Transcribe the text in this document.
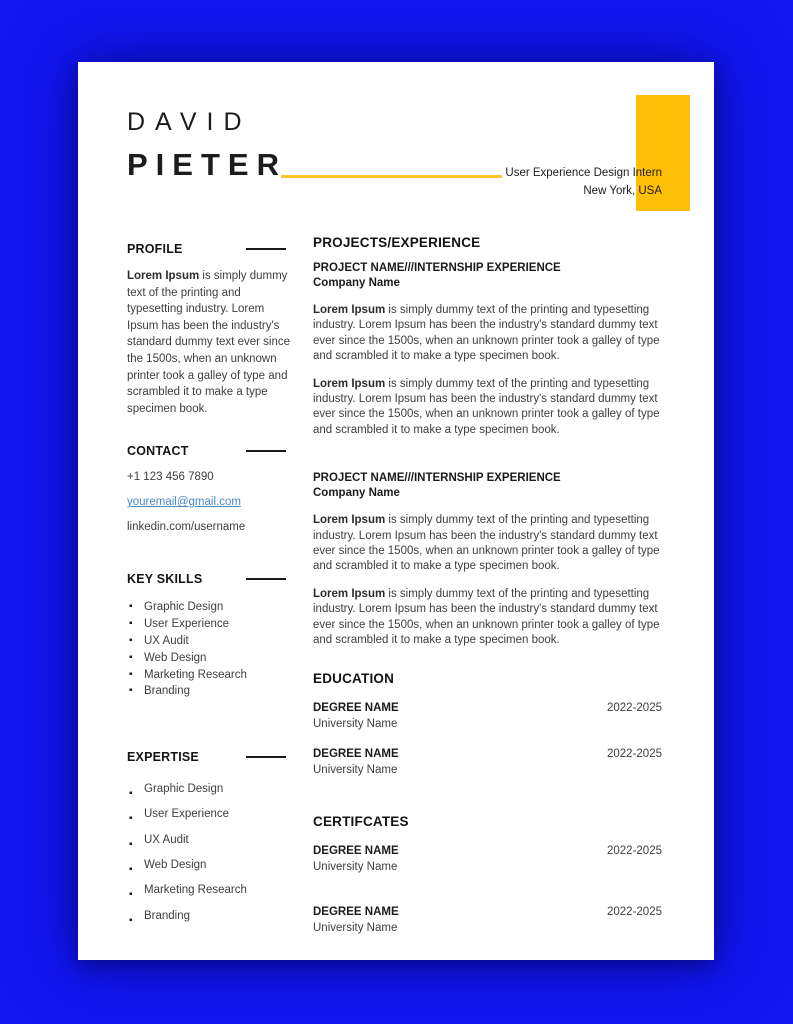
DAVID
PIETER	User Experience Design Intern
New York, USA
PROFILE

Lorem Ipsum is simply dummy text of the printing and typesetting industry. Lorem Ipsum has been the industry's standard dummy text ever since the 1500s, when an unknown printer took a galley of type and scrambled it to make a type specimen book.

CONTACT
+1 123 456 7890
youremail@gmail.com
linkedin.com/username
KEY SKILLS
▪ Graphic Design
▪ User Experience
▪ UX Audit
▪ Web Design
▪ Marketing Research
▪ Branding
EXPERTISE
▪ Graphic Design
▪ User Experience
▪ UX Audit
▪ Web Design
▪ Marketing Research
▪ Branding
PROJECTS/EXPERIENCE
PROJECT NAME///INTERNSHIP EXPERIENCE
Company Name

Lorem Ipsum is simply dummy text of the printing and typesetting industry. Lorem Ipsum has been the industry's standard dummy text ever since the 1500s, when an unknown printer took a galley of type and scrambled it to make a type specimen book.

Lorem Ipsum is simply dummy text of the printing and typesetting industry. Lorem Ipsum has been the industry's standard dummy text ever since the 1500s, when an unknown printer took a galley of type and scrambled it to make a type specimen book.

PROJECT NAME///INTERNSHIP EXPERIENCE
Company Name

Lorem Ipsum is simply dummy text of the printing and typesetting industry. Lorem Ipsum has been the industry's standard dummy text ever since the 1500s, when an unknown printer took a galley of type and scrambled it to make a type specimen book.

Lorem Ipsum is simply dummy text of the printing and typesetting industry. Lorem Ipsum has been the industry's standard dummy text ever since the 1500s, when an unknown printer took a galley of type and scrambled it to make a type specimen book.

EDUCATION
DEGREE NAME
University Name
2022-2025
DEGREE NAME
University Name
2022-2025
CERTIFCATES
DEGREE NAME
University Name
2022-2025
DEGREE NAME
University Name
2022-2025
